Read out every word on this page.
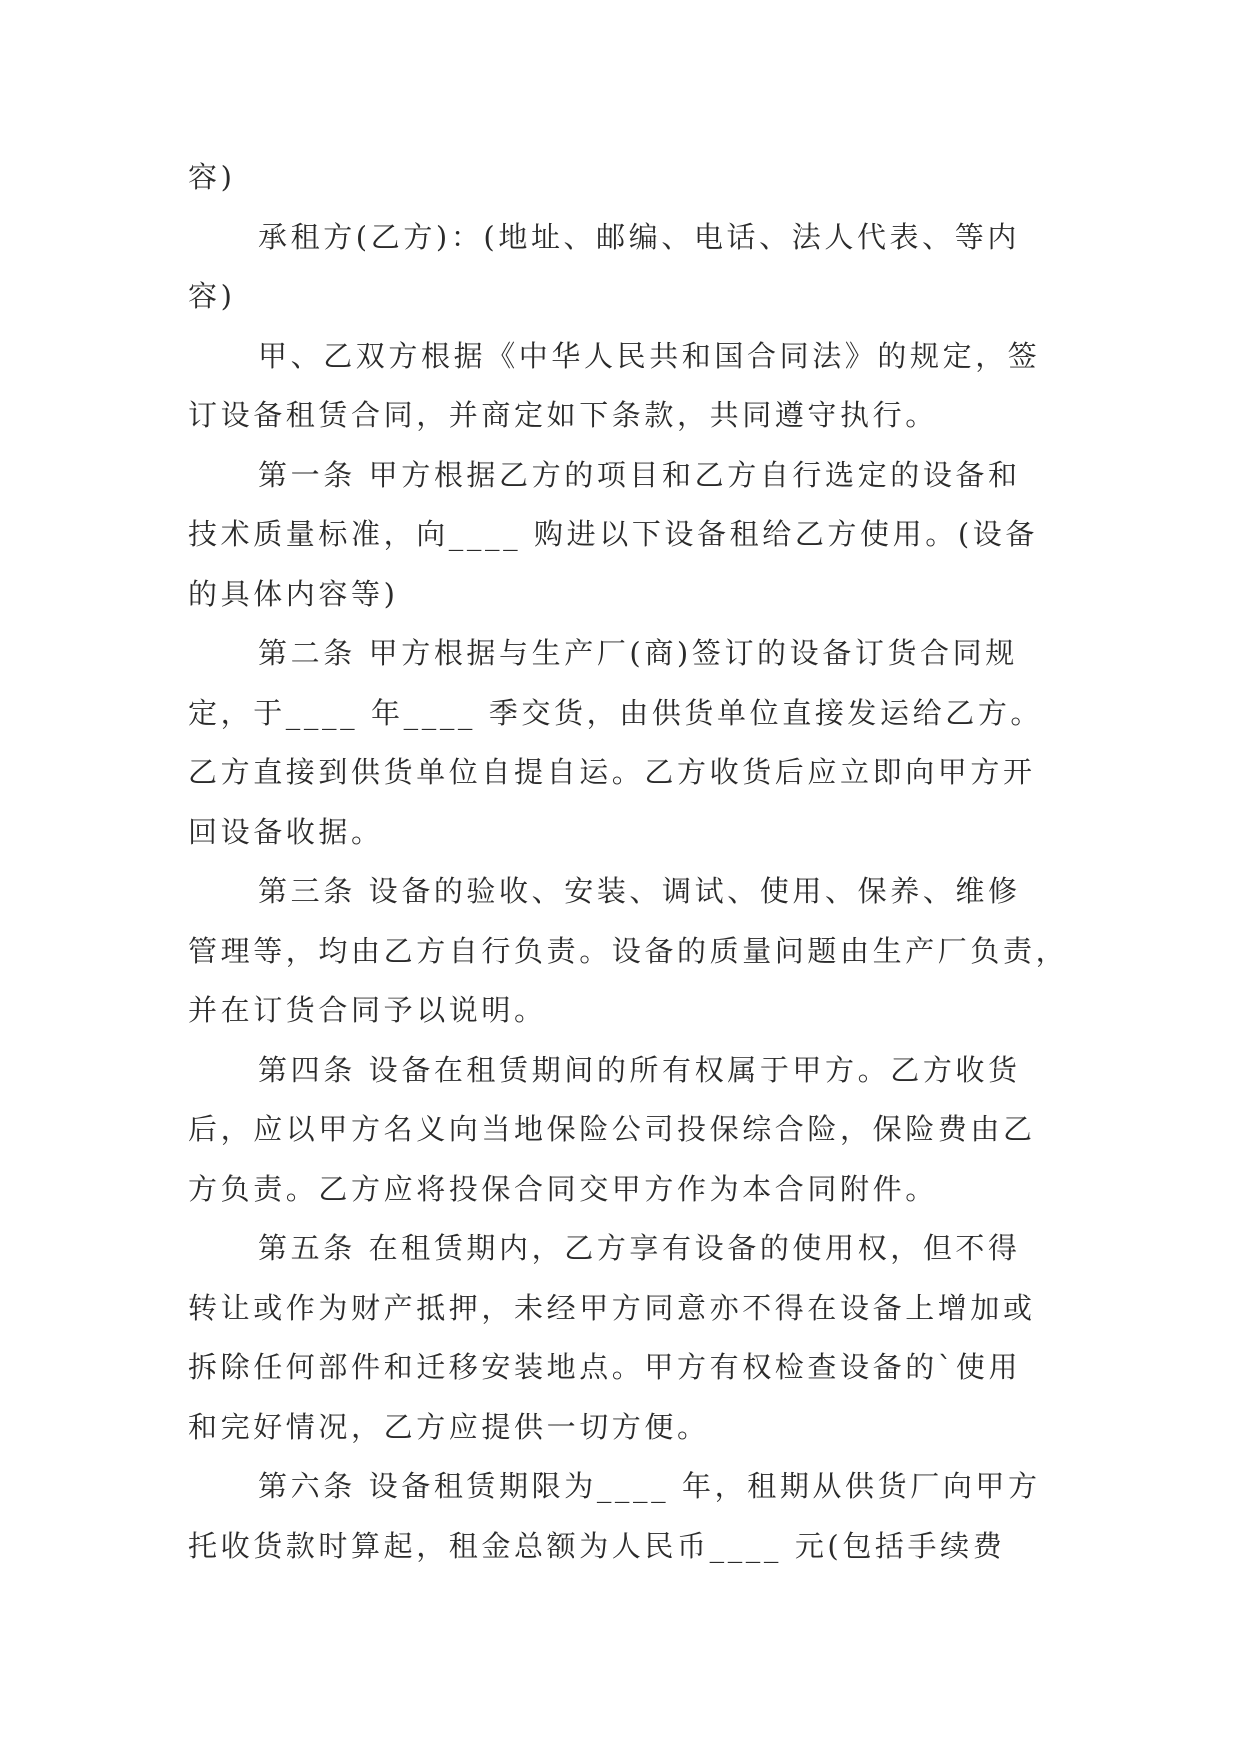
容)
承租方(乙方)：(地址、邮编、电话、法人代表、等内
容)
甲、乙双方根据《中华人民共和国合同法》的规定，签
订设备租赁合同，并商定如下条款，共同遵守执行。
第一条 甲方根据乙方的项目和乙方自行选定的设备和
技术质量标准，向____ 购进以下设备租给乙方使用。(设备
的具体内容等)
第二条 甲方根据与生产厂(商)签订的设备订货合同规
定，于____ 年____ 季交货，由供货单位直接发运给乙方。
乙方直接到供货单位自提自运。乙方收货后应立即向甲方开
回设备收据。
第三条 设备的验收、安装、调试、使用、保养、维修
管理等，均由乙方自行负责。设备的质量问题由生产厂负责，
并在订货合同予以说明。
第四条 设备在租赁期间的所有权属于甲方。乙方收货
后，应以甲方名义向当地保险公司投保综合险，保险费由乙
方负责。乙方应将投保合同交甲方作为本合同附件。
第五条 在租赁期内，乙方享有设备的使用权，但不得
转让或作为财产抵押，未经甲方同意亦不得在设备上增加或
拆除任何部件和迁移安装地点。甲方有权检查设备的`使用
和完好情况，乙方应提供一切方便。
第六条 设备租赁期限为____ 年，租期从供货厂向甲方
托收货款时算起，租金总额为人民币____ 元(包括手续费
